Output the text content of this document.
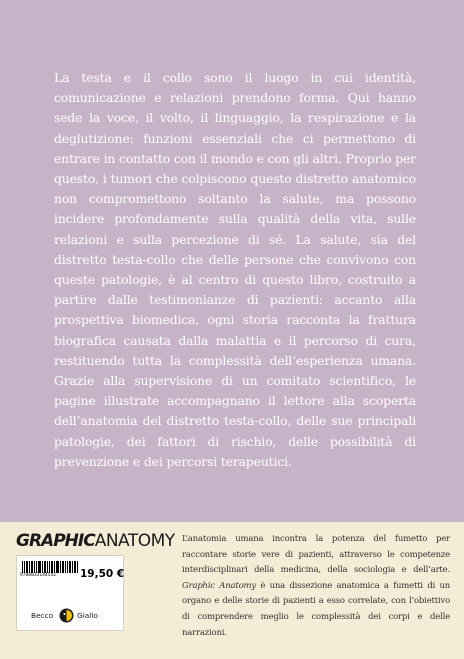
La testa e il collo sono il luogo in cui identità, comunicazione e relazioni prendono forma. Qui hanno sede la voce, il volto, il linguaggio, la respirazione e la deglutizione: funzioni essenziali che ci permettono di entrare in contatto con il mondo e con gli altri. Proprio per questo, i tumori che colpiscono questo distretto anatomico non compromettono soltanto la salute, ma possono incidere profondamente sulla qualità della vita, sulle relazioni e sulla percezione di sé. La salute, sia del distretto testa-collo che delle persone che convivono con queste patologie, è al centro di questo libro, costruito a partire dalle testimonianze di pazienti: accanto alla prospettiva biomedica, ogni storia racconta la frattura biografica causata dalla malattia e il percorso di cura, restituendo tutta la complessità dell’esperienza umana. Grazie alla supervisione di un comitato scientifico, le pagine illustrate accompagnano il lettore alla scoperta dell’anatomia del distretto testa-collo, delle sue principali patologie, dei fattori di rischio, delle possibilità di prevenzione e dei percorsi terapeutici.
GRAPHICANATOMY
9788833144542 19,50 €
Becco	Giallo
L’anatomia umana incontra la potenza del fumetto per raccontare storie vere di pazienti, attraverso le competenze interdisciplinari della medicina, della sociologia e dell’arte. Graphic Anatomy è una dissezione anatomica a fumetti di un organo e delle storie di pazienti a esso correlate, con l’obiettivo di comprendere meglio le complessità dei corpi e delle narrazioni.
